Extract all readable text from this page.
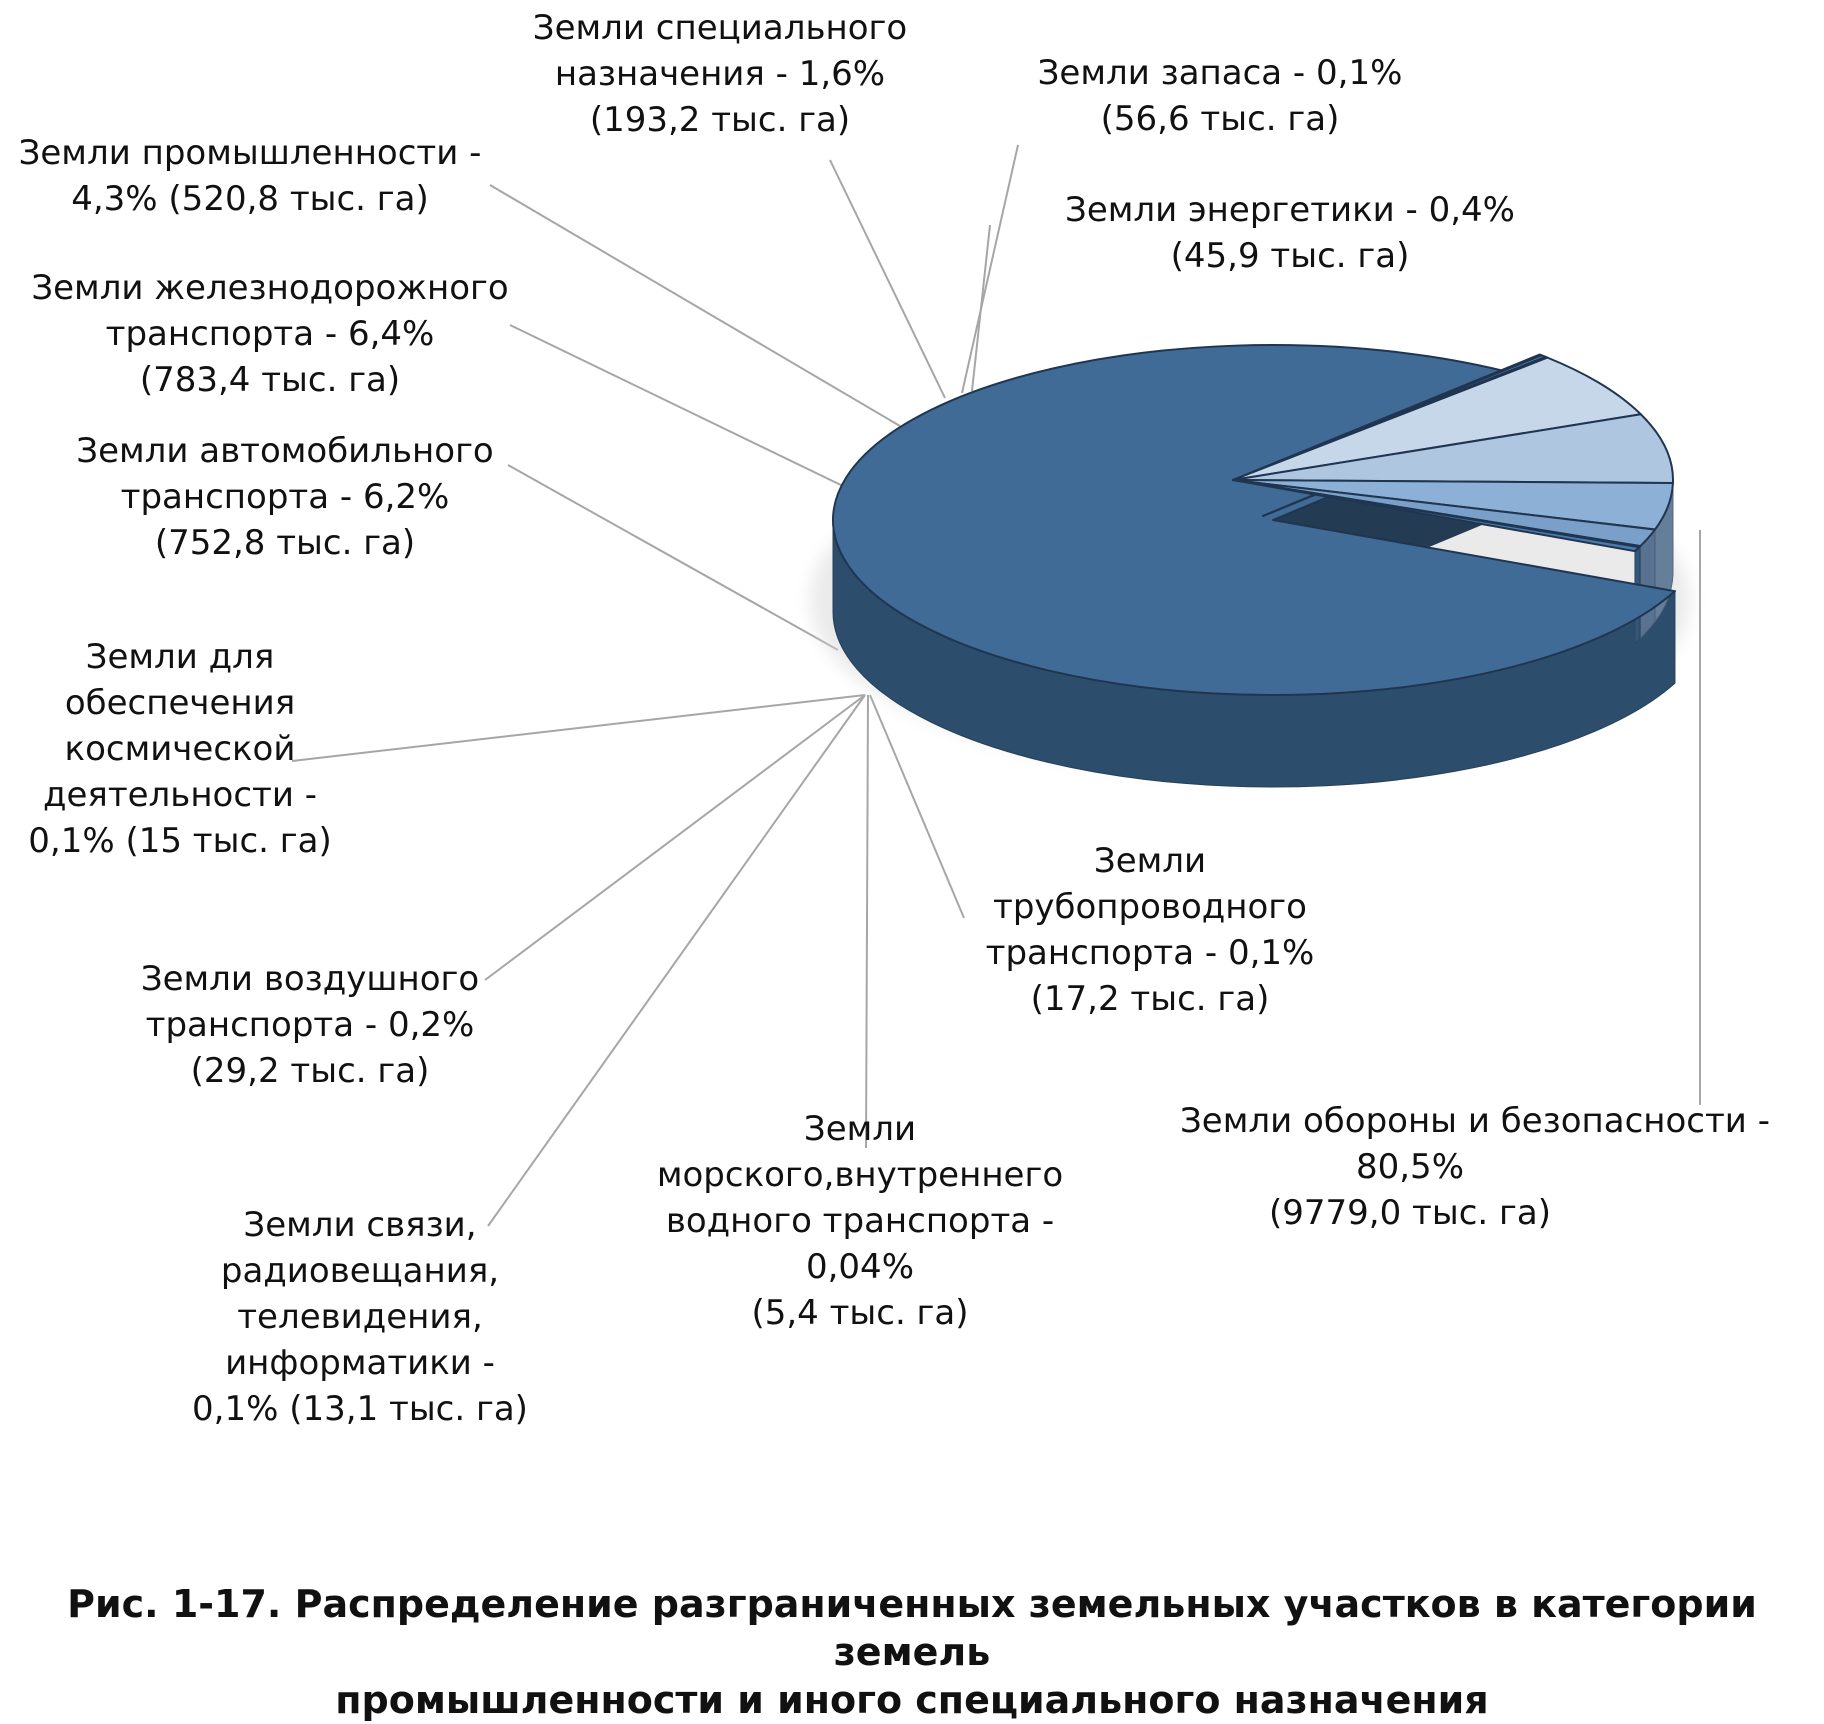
Земли обороны и безопасности -
80,5%
(9779,0 тыс. га)
Земли
трубопроводного
транспорта - 0,1%
(17,2 тыс. га)
Земли
морского,внутреннего
водного транспорта -
0,04%
(5,4 тыс. га)
Земли связи,
радиовещания,
телевидения,
информатики -
0,1% (13,1 тыс. га)
Земли воздушного
транспорта - 0,2%
(29,2 тыс. га)
Земли для
обеспечения
космической
деятельности -
0,1% (15 тыс. га)
Земли автомобильного
транспорта - 6,2%
(752,8 тыс. га)
Земли железнодорожного
транспорта - 6,4%
(783,4 тыс. га)
Земли промышленности -
4,3% (520,8 тыс. га)
Земли специального
назначения - 1,6%
(193,2 тыс. га)
Земли запаса - 0,1%
(56,6 тыс. га)
Земли энергетики - 0,4%
(45,9 тыс. га)
Рис. 1-17. Распределение разграниченных земельных участков в категории земель
промышленности и иного специального назначения
